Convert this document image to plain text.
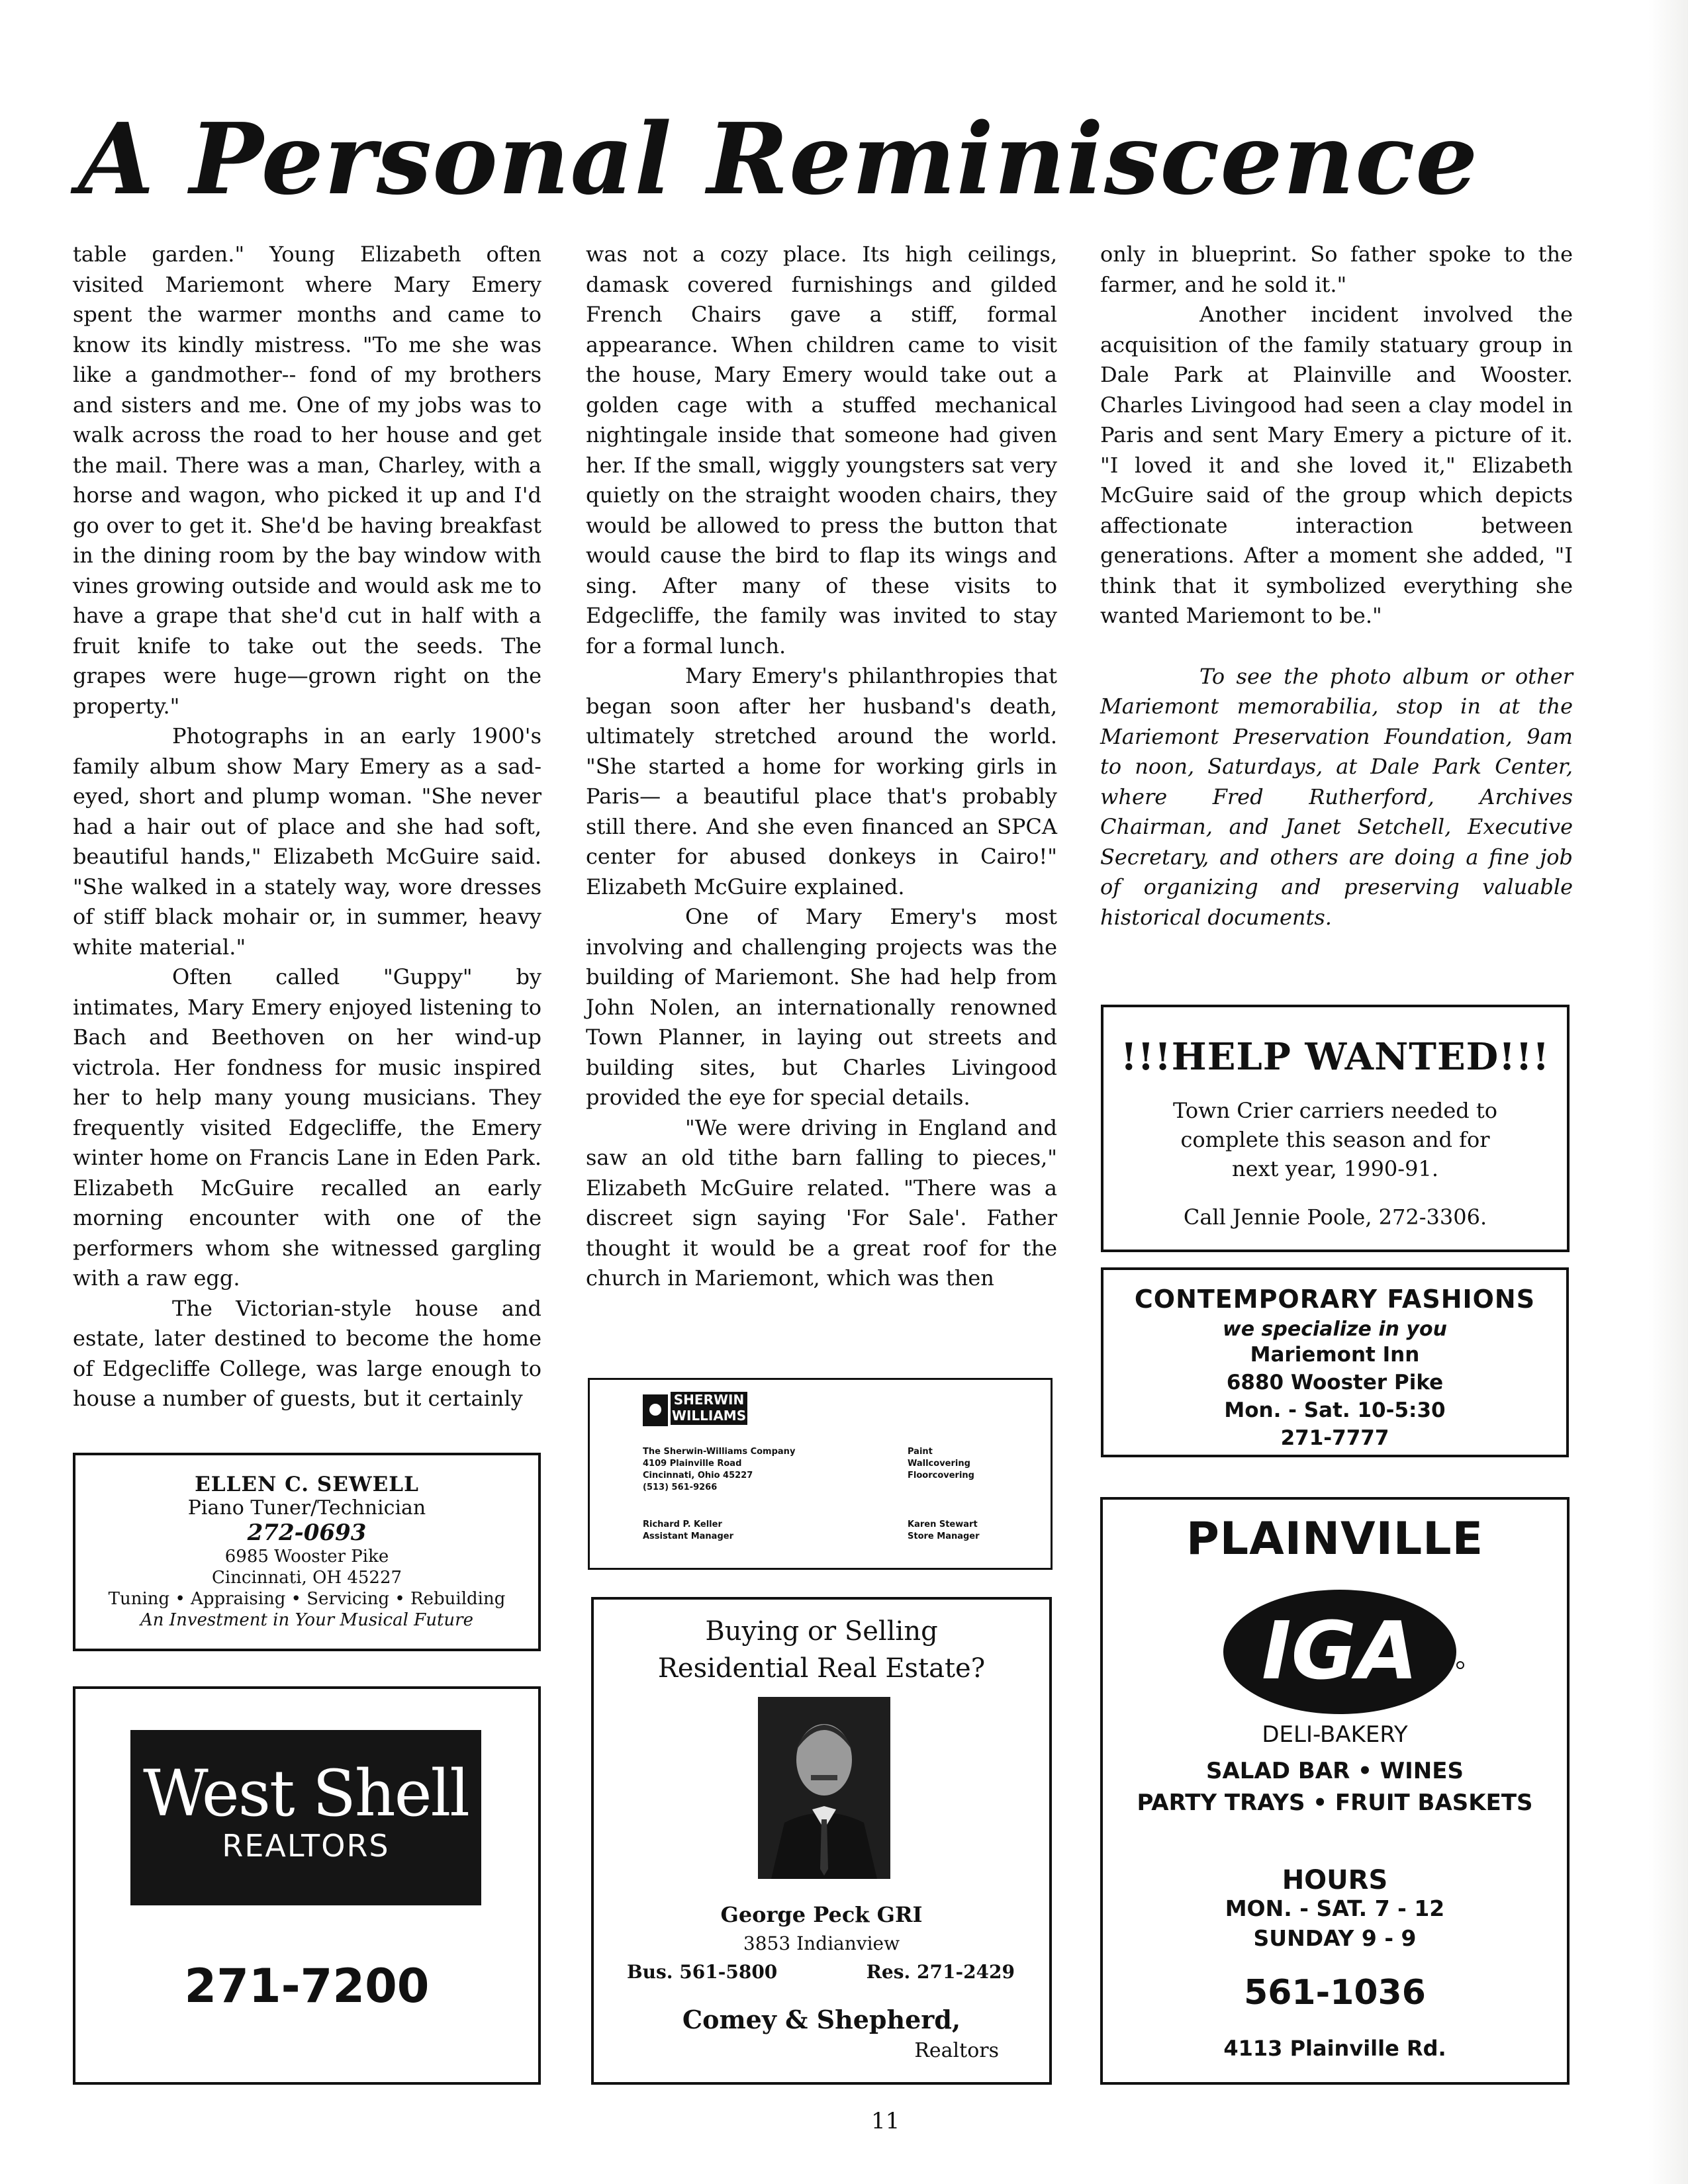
A Personal Reminiscence

table garden." Young Elizabeth often visited Mariemont where Mary Emery spent the warmer months and came to know its kindly mistress. "To me she was like a gandmother-- fond of my brothers and sisters and me. One of my jobs was to walk across the road to her house and get the mail. There was a man, Charley, with a horse and wagon, who picked it up and I'd go over to get it. She'd be having breakfast in the dining room by the bay window with vines growing outside and would ask me to have a grape that she'd cut in half with a fruit knife to take out the seeds. The grapes were huge—grown right on the property."

Photographs in an early 1900's family album show Mary Emery as a sad-eyed, short and plump woman. "She never had a hair out of place and she had soft, beautiful hands," Elizabeth McGuire said. "She walked in a stately way, wore dresses of stiff black mohair or, in summer, heavy white material."

Often called "Guppy" by intimates, Mary Emery enjoyed listening to Bach and Beethoven on her wind-up victrola. Her fondness for music inspired her to help many young musicians. They frequently visited Edgecliffe, the Emery winter home on Francis Lane in Eden Park. Elizabeth McGuire recalled an early morning encounter with one of the performers whom she witnessed gargling with a raw egg.

The Victorian-style house and estate, later destined to become the home of Edgecliffe College, was large enough to house a number of guests, but it certainly

was not a cozy place. Its high ceilings, damask covered furnishings and gilded French Chairs gave a stiff, formal appearance. When children came to visit the house, Mary Emery would take out a golden cage with a stuffed mechanical nightingale inside that someone had given her. If the small, wiggly youngsters sat very quietly on the straight wooden chairs, they would be allowed to press the button that would cause the bird to flap its wings and sing. After many of these visits to Edgecliffe, the family was invited to stay for a formal lunch.

Mary Emery's philanthropies that began soon after her husband's death, ultimately stretched around the world. "She started a home for working girls in Paris— a beautiful place that's probably still there. And she even financed an SPCA center for abused donkeys in Cairo!" Elizabeth McGuire explained.

One of Mary Emery's most involving and challenging projects was the building of Mariemont. She had help from John Nolen, an internationally renowned Town Planner, in laying out streets and building sites, but Charles Livingood provided the eye for special details.

"We were driving in England and saw an old tithe barn falling to pieces," Elizabeth McGuire related. "There was a discreet sign saying 'For Sale'. Father thought it would be a great roof for the church in Mariemont, which was then

only in blueprint. So father spoke to the farmer, and he sold it."

Another incident involved the acquisition of the family statuary group in Dale Park at Plainville and Wooster. Charles Livingood had seen a clay model in Paris and sent Mary Emery a picture of it. "I loved it and she loved it," Elizabeth McGuire said of the group which depicts affectionate interaction between generations. After a moment she added, "I think that it symbolized everything she wanted Mariemont to be."

To see the photo album or other Mariemont memorabilia, stop in at the Mariemont Preservation Foundation, 9am to noon, Saturdays, at Dale Park Center, where Fred Rutherford, Archives Chairman, and Janet Setchell, Executive Secretary, and others are doing a fine job of organizing and preserving valuable historical documents.

!!!HELP WANTED!!!
Town Crier carriers needed to
complete this season and for
next year, 1990-91.
Call Jennie Poole, 272-3306.
CONTEMPORARY FASHIONS
we specialize in you
Mariemont Inn
6880 Wooster Pike
Mon. - Sat. 10-5:30
271-7777
ELLEN C. SEWELL
Piano Tuner/Technician
272-0693
6985 Wooster Pike
Cincinnati, OH 45227
Tuning • Appraising • Servicing • Rebuilding
An Investment in Your Musical Future
West Shell
REALTORS
271-7200
SHERWIN WILLIAMS
The Sherwin-Williams Company
4109 Plainville Road
Cincinnati, Ohio 45227
(513) 561-9266
Paint
Wallcovering
Floorcovering
Richard P. Keller
Assistant Manager
Karen Stewart
Store Manager
Buying or Selling
Residential Real Estate?
George Peck GRI
3853 Indianview
Bus. 561-5800	Res. 271-2429
Comey & Shepherd,
Realtors
PLAINVILLE
IGA
DELI-BAKERY
SALAD BAR • WINES
PARTY TRAYS • FRUIT BASKETS
HOURS
MON. - SAT. 7 - 12
SUNDAY 9 - 9
561-1036
4113 Plainville Rd.
11
